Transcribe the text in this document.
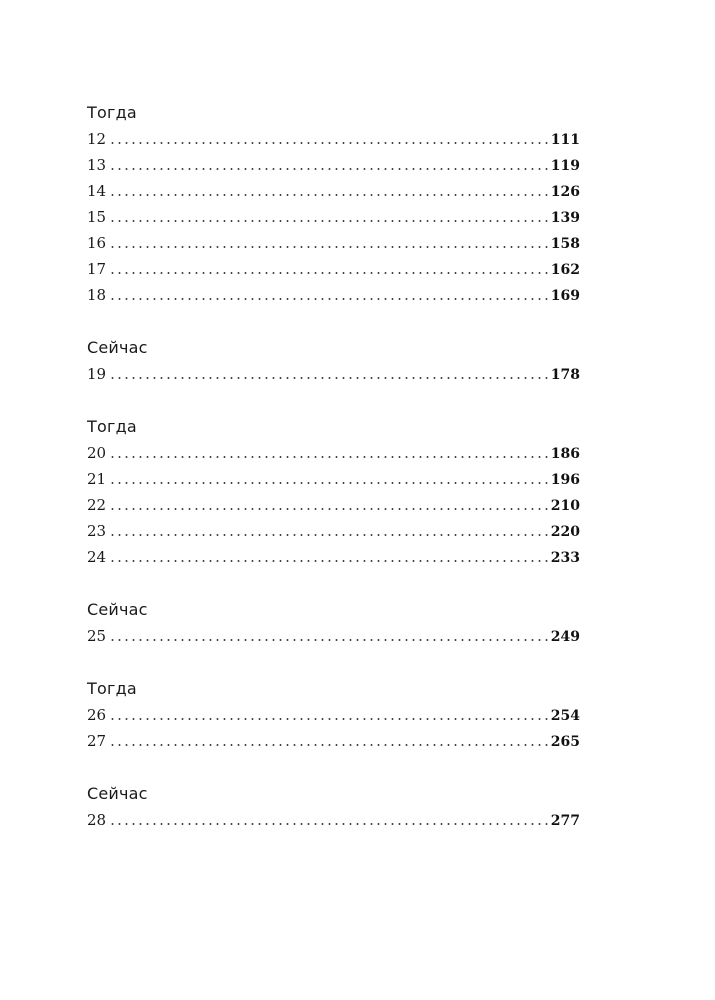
Тогда
12	111
13	119
14	126
15	139
16	158
17	162
18	169
Сейчас
19	178
Тогда
20	186
21	196
22	210
23	220
24	233
Сейчас
25	249
Тогда
26	254
27	265
Сейчас
28	277
